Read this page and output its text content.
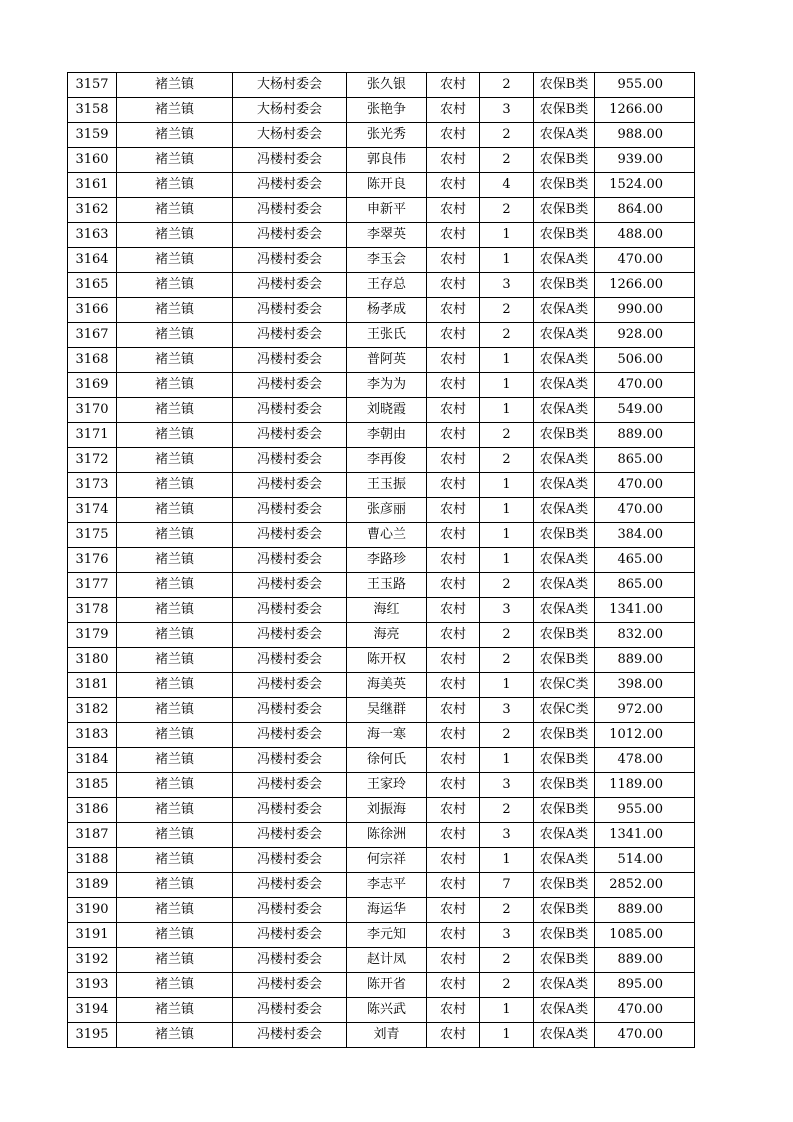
3157	褚兰镇	大杨村委会	张久银	农村	2	农保B类	955.00
3158	褚兰镇	大杨村委会	张艳争	农村	3	农保B类	1266.00
3159	褚兰镇	大杨村委会	张光秀	农村	2	农保A类	988.00
3160	褚兰镇	冯楼村委会	郭良伟	农村	2	农保B类	939.00
3161	褚兰镇	冯楼村委会	陈开良	农村	4	农保B类	1524.00
3162	褚兰镇	冯楼村委会	申新平	农村	2	农保B类	864.00
3163	褚兰镇	冯楼村委会	李翠英	农村	1	农保B类	488.00
3164	褚兰镇	冯楼村委会	李玉会	农村	1	农保A类	470.00
3165	褚兰镇	冯楼村委会	王存总	农村	3	农保B类	1266.00
3166	褚兰镇	冯楼村委会	杨孝成	农村	2	农保A类	990.00
3167	褚兰镇	冯楼村委会	王张氏	农村	2	农保A类	928.00
3168	褚兰镇	冯楼村委会	普阿英	农村	1	农保A类	506.00
3169	褚兰镇	冯楼村委会	李为为	农村	1	农保A类	470.00
3170	褚兰镇	冯楼村委会	刘晓霞	农村	1	农保A类	549.00
3171	褚兰镇	冯楼村委会	李朝由	农村	2	农保B类	889.00
3172	褚兰镇	冯楼村委会	李再俊	农村	2	农保A类	865.00
3173	褚兰镇	冯楼村委会	王玉振	农村	1	农保A类	470.00
3174	褚兰镇	冯楼村委会	张彦丽	农村	1	农保A类	470.00
3175	褚兰镇	冯楼村委会	曹心兰	农村	1	农保B类	384.00
3176	褚兰镇	冯楼村委会	李路珍	农村	1	农保A类	465.00
3177	褚兰镇	冯楼村委会	王玉路	农村	2	农保A类	865.00
3178	褚兰镇	冯楼村委会	海红	农村	3	农保A类	1341.00
3179	褚兰镇	冯楼村委会	海亮	农村	2	农保B类	832.00
3180	褚兰镇	冯楼村委会	陈开权	农村	2	农保B类	889.00
3181	褚兰镇	冯楼村委会	海美英	农村	1	农保C类	398.00
3182	褚兰镇	冯楼村委会	吴继群	农村	3	农保C类	972.00
3183	褚兰镇	冯楼村委会	海一寒	农村	2	农保B类	1012.00
3184	褚兰镇	冯楼村委会	徐何氏	农村	1	农保B类	478.00
3185	褚兰镇	冯楼村委会	王家玲	农村	3	农保B类	1189.00
3186	褚兰镇	冯楼村委会	刘振海	农村	2	农保B类	955.00
3187	褚兰镇	冯楼村委会	陈徐洲	农村	3	农保A类	1341.00
3188	褚兰镇	冯楼村委会	何宗祥	农村	1	农保A类	514.00
3189	褚兰镇	冯楼村委会	李志平	农村	7	农保B类	2852.00
3190	褚兰镇	冯楼村委会	海运华	农村	2	农保B类	889.00
3191	褚兰镇	冯楼村委会	李元知	农村	3	农保B类	1085.00
3192	褚兰镇	冯楼村委会	赵计凤	农村	2	农保B类	889.00
3193	褚兰镇	冯楼村委会	陈开省	农村	2	农保A类	895.00
3194	褚兰镇	冯楼村委会	陈兴武	农村	1	农保A类	470.00
3195	褚兰镇	冯楼村委会	刘青	农村	1	农保A类	470.00
